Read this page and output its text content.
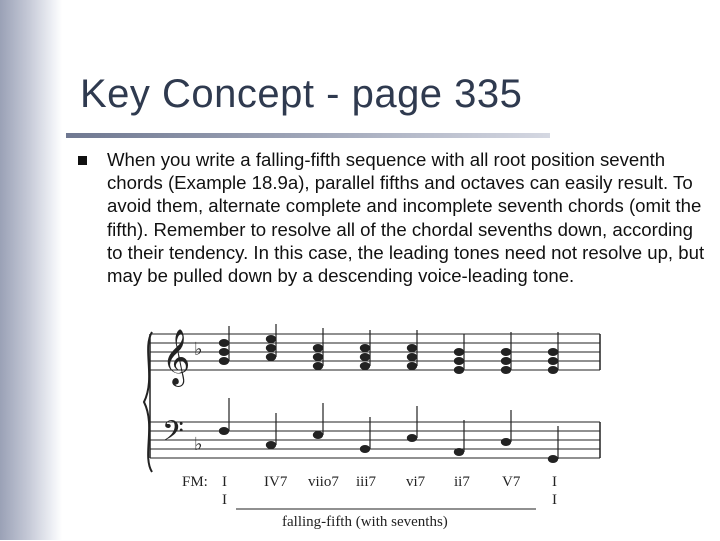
Key Concept - page 335
When you write a falling-fifth sequence with all root position seventh chords (Example 18.9a), parallel fifths and octaves can easily result. To avoid them, alternate complete and incomplete seventh chords (omit the fifth). Remember to resolve all of the chordal sevenths down, according to their tendency. In this case, the leading tones need not resolve up, but may be pulled down by a descending voice-leading tone.
𝄞 ♭
𝄢 ♭
FM: I IV7 viio7 iii7 vi7 ii7 V7 I
I	I
falling-fifth (with sevenths)
